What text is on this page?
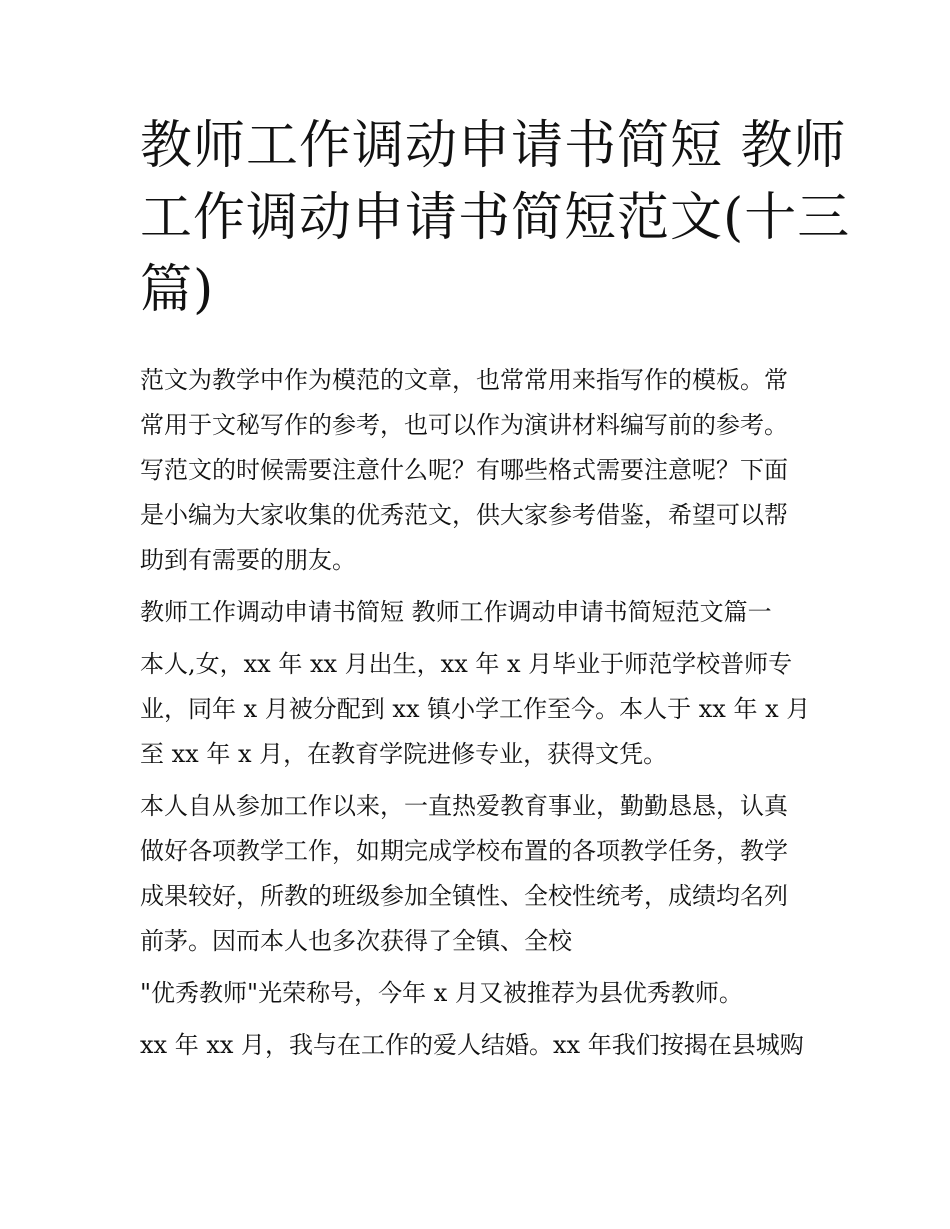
教师工作调动申请书简短 教师
工作调动申请书简短范文(十三
篇)

范文为教学中作为模范的文章，也常常用来指写作的模板。常
常用于文秘写作的参考，也可以作为演讲材料编写前的参考。
写范文的时候需要注意什么呢？有哪些格式需要注意呢？下面
是小编为大家收集的优秀范文，供大家参考借鉴，希望可以帮
助到有需要的朋友。

教师工作调动申请书简短 教师工作调动申请书简短范文篇一

本人,女，xx 年 xx 月出生，xx 年 x 月毕业于师范学校普师专
业，同年 x 月被分配到 xx 镇小学工作至今。本人于 xx 年 x 月
至 xx 年 x 月，在教育学院进修专业，获得文凭。

本人自从参加工作以来，一直热爱教育事业，勤勤恳恳，认真
做好各项教学工作，如期完成学校布置的各项教学任务，教学
成果较好，所教的班级参加全镇性、全校性统考，成绩均名列
前茅。因而本人也多次获得了全镇、全校

"优秀教师"光荣称号，今年 x 月又被推荐为县优秀教师。

xx 年 xx 月，我与在工作的爱人结婚。xx 年我们按揭在县城购
